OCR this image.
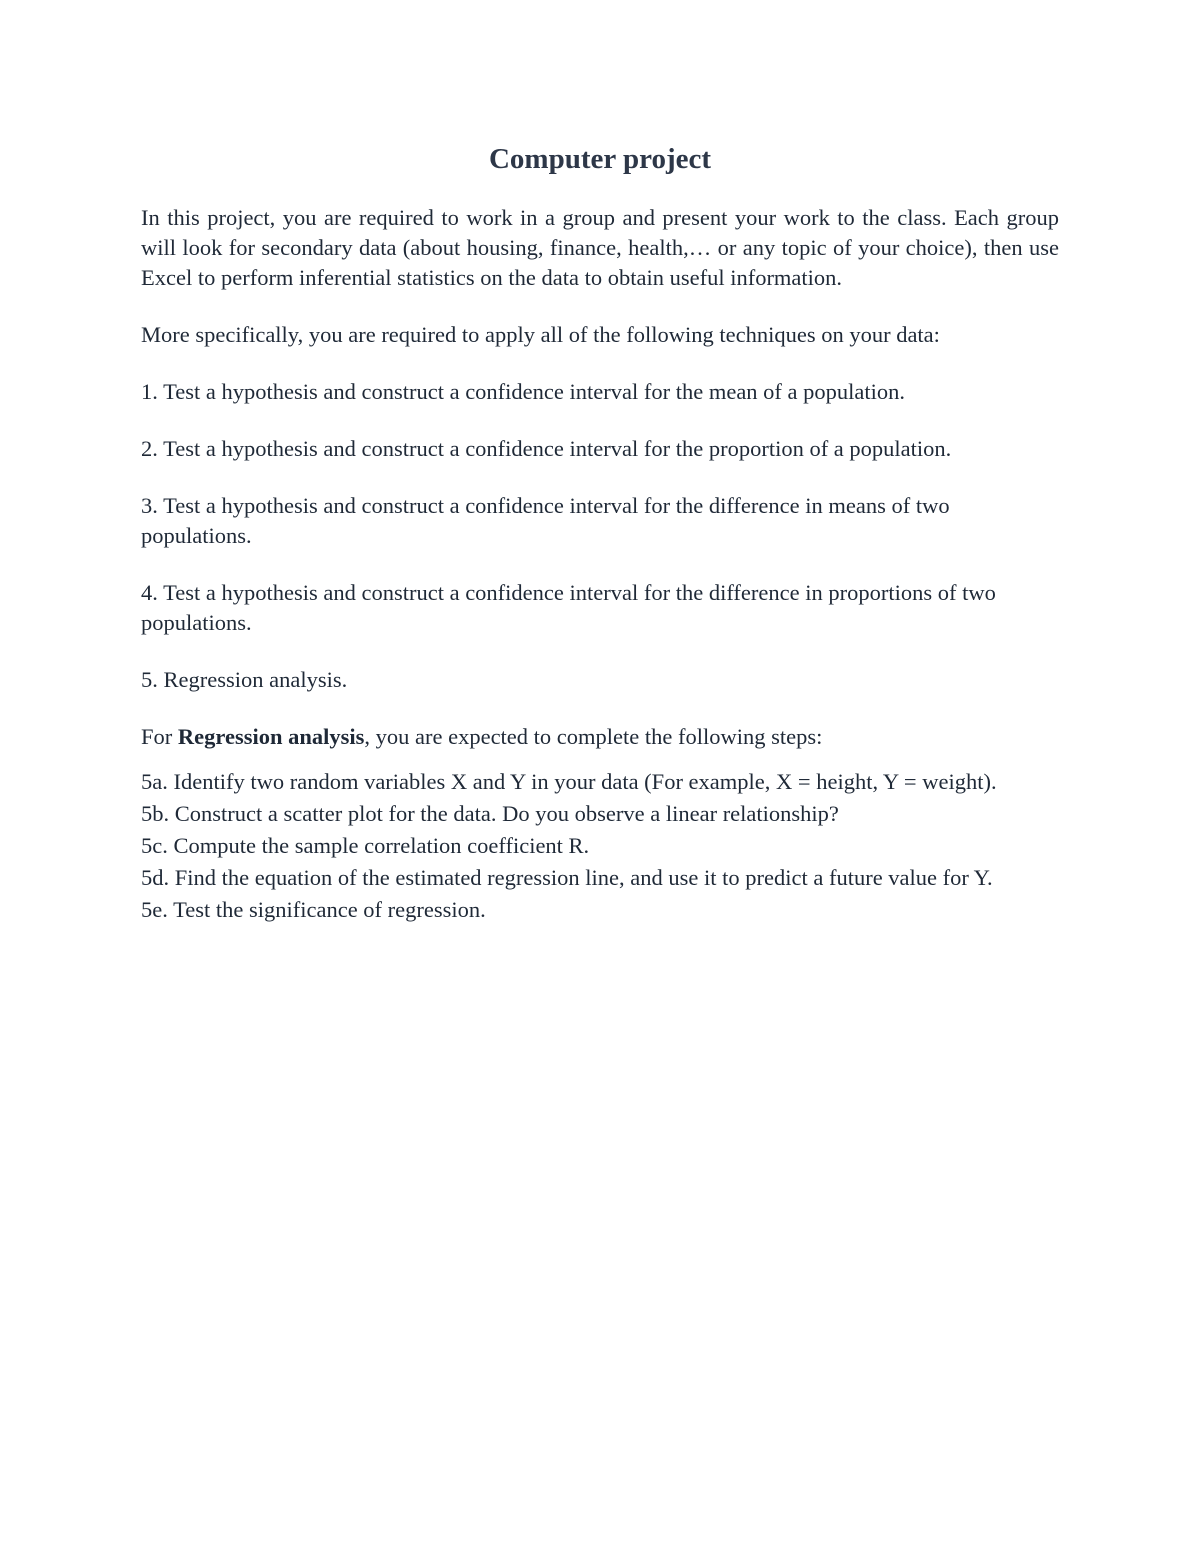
Computer project

In this project, you are required to work in a group and present your work to the class. Each group will look for secondary data (about housing, finance, health,… or any topic of your choice), then use Excel to perform inferential statistics on the data to obtain useful information.

More specifically, you are required to apply all of the following techniques on your data:

1. Test a hypothesis and construct a confidence interval for the mean of a population.

2. Test a hypothesis and construct a confidence interval for the proportion of a population.

3. Test a hypothesis and construct a confidence interval for the difference in means of two populations.

4. Test a hypothesis and construct a confidence interval for the difference in proportions of two populations.

5. Regression analysis.

For Regression analysis, you are expected to complete the following steps:

5a. Identify two random variables X and Y in your data (For example, X = height, Y = weight).

5b. Construct a scatter plot for the data. Do you observe a linear relationship?

5c. Compute the sample correlation coefficient R.

5d. Find the equation of the estimated regression line, and use it to predict a future value for Y.

5e. Test the significance of regression.
